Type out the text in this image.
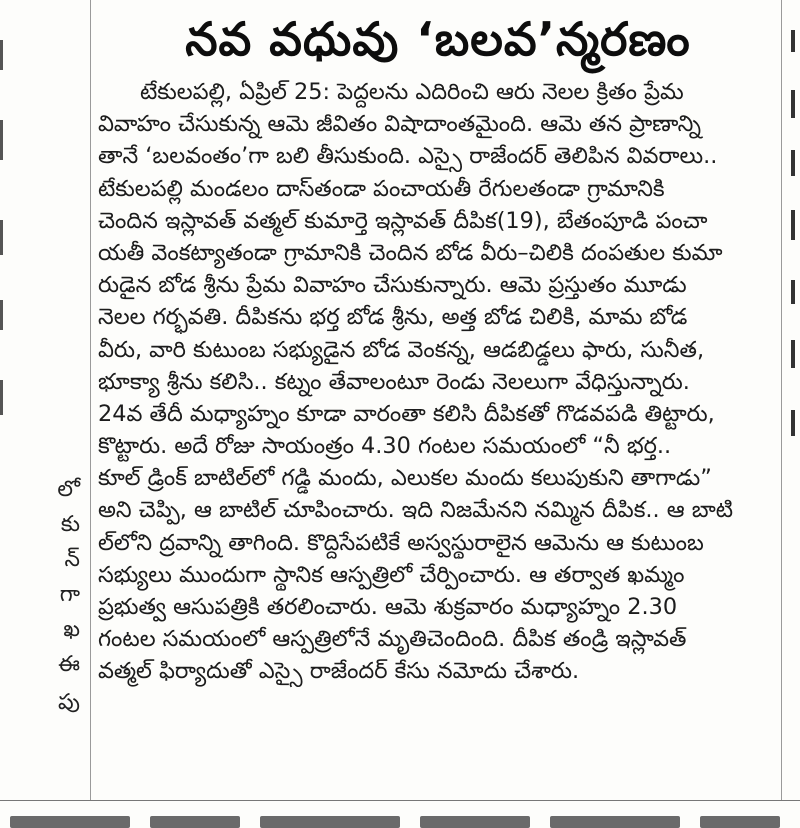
లో
కు
న్
గా
ఖ
ఈ
పు
నవ వధువు ‘బలవ’న్మరణం
టేకులపల్లి, ఏప్రిల్ 25: పెద్దలను ఎదిరించి ఆరు నెలల క్రితం ప్రేమ
వివాహం చేసుకున్న ఆమె జీవితం విషాదాంతమైంది. ఆమె తన ప్రాణాన్ని
తానే ‘బలవంతం’గా బలి తీసుకుంది. ఎస్సై రాజేందర్ తెలిపిన వివరాలు..
టేకులపల్లి మండలం దాస్‌తండా పంచాయతీ రేగులతండా గ్రామానికి
చెందిన ఇస్లావత్ వత్మల్ కుమార్తె ఇస్లావత్ దీపిక(19), బేతంపూడి పంచా
యతీ వెంకట్యాతండా గ్రామానికి చెందిన బోడ వీరు–చిలికి దంపతుల కుమా
రుడైన బోడ శ్రీను ప్రేమ వివాహం చేసుకున్నారు. ఆమె ప్రస్తుతం మూడు
నెలల గర్భవతి. దీపికను భర్త బోడ శ్రీను, అత్త బోడ చిలికి, మామ బోడ
వీరు, వారి కుటుంబ సభ్యుడైన బోడ వెంకన్న, ఆడబిడ్డలు ఫారు, సునీత,
భూక్యా శ్రీను కలిసి.. కట్నం తేవాలంటూ రెండు నెలలుగా వేధిస్తున్నారు.
24వ తేదీ మధ్యాహ్నం కూడా వారంతా కలిసి దీపికతో గొడవపడి తిట్టారు,
కొట్టారు. అదే రోజు సాయంత్రం 4.30 గంటల సమయంలో “నీ భర్త..
కూల్ డ్రింక్ బాటిల్‌లో గడ్డి మందు, ఎలుకల మందు కలుపుకుని తాగాడు”
అని చెప్పి, ఆ బాటిల్ చూపించారు. ఇది నిజమేనని నమ్మిన దీపిక.. ఆ బాటి
ల్‌లోని ద్రవాన్ని తాగింది. కొద్దిసేపటికే అస్వస్థురాలైన ఆమెను ఆ కుటుంబ
సభ్యులు ముందుగా స్థానిక ఆస్పత్రిలో చేర్పించారు. ఆ తర్వాత ఖమ్మం
ప్రభుత్వ ఆసుపత్రికి తరలించారు. ఆమె శుక్రవారం మధ్యాహ్నం 2.30
గంటల సమయంలో ఆస్పత్రిలోనే మృతిచెందింది. దీపిక తండ్రి ఇస్లావత్
వత్మల్ ఫిర్యాదుతో ఎస్సై రాజేందర్ కేసు నమోదు చేశారు.
